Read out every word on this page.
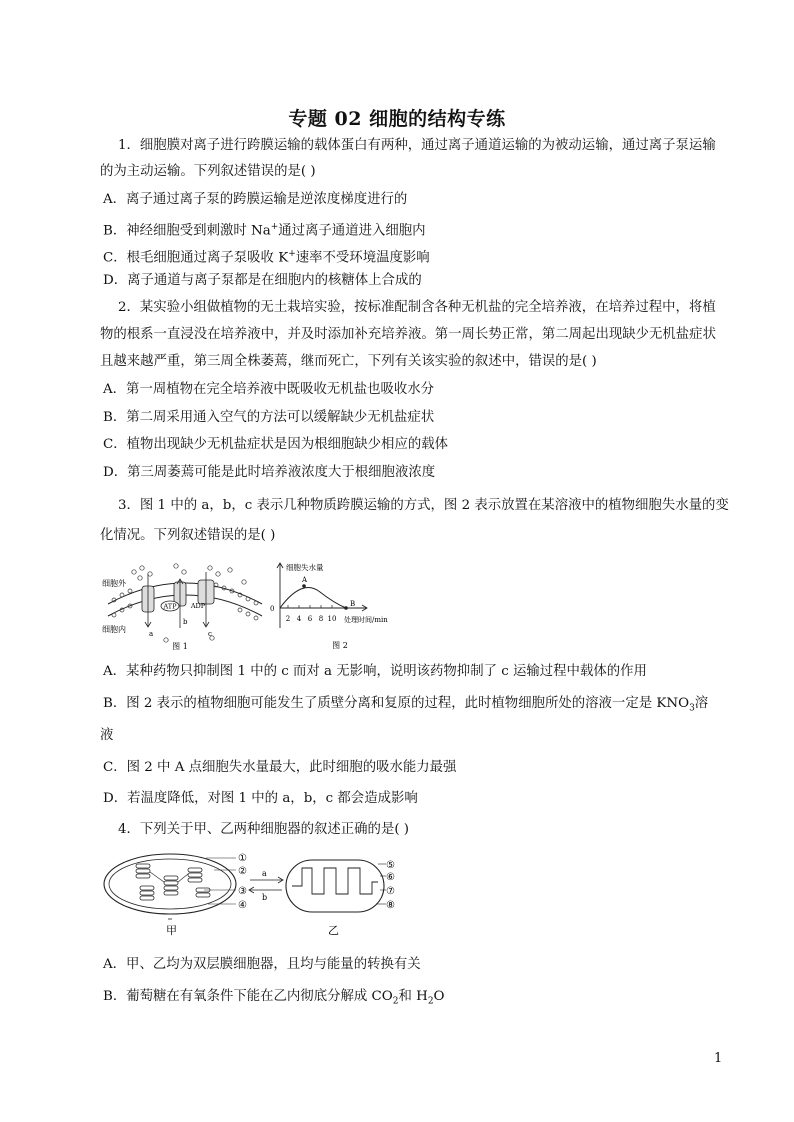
专题 02 细胞的结构专练
1．细胞膜对离子进行跨膜运输的载体蛋白有两种，通过离子通道运输的为被动运输，通过离子泵运输
的为主动运输。下列叙述错误的是( )
A．离子通过离子泵的跨膜运输是逆浓度梯度进行的
B．神经细胞受到刺激时 Na+通过离子通道进入细胞内
C．根毛细胞通过离子泵吸收 K+速率不受环境温度影响
D．离子通道与离子泵都是在细胞内的核糖体上合成的
2．某实验小组做植物的无土栽培实验，按标准配制含各种无机盐的完全培养液，在培养过程中，将植
物的根系一直浸没在培养液中，并及时添加补充培养液。第一周长势正常，第二周起出现缺少无机盐症状
且越来越严重，第三周全株萎蔫，继而死亡，下列有关该实验的叙述中，错误的是( )
A．第一周植物在完全培养液中既吸收无机盐也吸收水分
B．第二周采用通入空气的方法可以缓解缺少无机盐症状
C．植物出现缺少无机盐症状是因为根细胞缺少相应的载体
D．第三周萎蔫可能是此时培养液浓度大于根细胞液浓度
3．图 1 中的 a，b，c 表示几种物质跨膜运输的方式，图 2 表示放置在某溶液中的植物细胞失水量的变
化情况。下列叙述错误的是( )
ATP ADP
细胞外
细胞内	a
b
c
图 1
细胞失水量
A
B
0
2 4 6 8 10 处理时间/min
图 2
A．某种药物只抑制图 1 中的 c 而对 a 无影响，说明该药物抑制了 c 运输过程中载体的作用
B．图 2 表示的植物细胞可能发生了质壁分离和复原的过程，此时植物细胞所处的溶液一定是 $KNO_3$溶
液
C．图 2 中 A 点细胞失水量最大，此时细胞的吸水能力最强
D．若温度降低，对图 1 中的 a，b，c 都会造成影响
4．下列关于甲、乙两种细胞器的叙述正确的是( )
①
②
③
④
a
b
⑤
⑥
⑦
⑧
甲	乙
A．甲、乙均为双层膜细胞器，且均与能量的转换有关
B．葡萄糖在有氧条件下能在乙内彻底分解成 $CO_2$和 $H_2O$
1
